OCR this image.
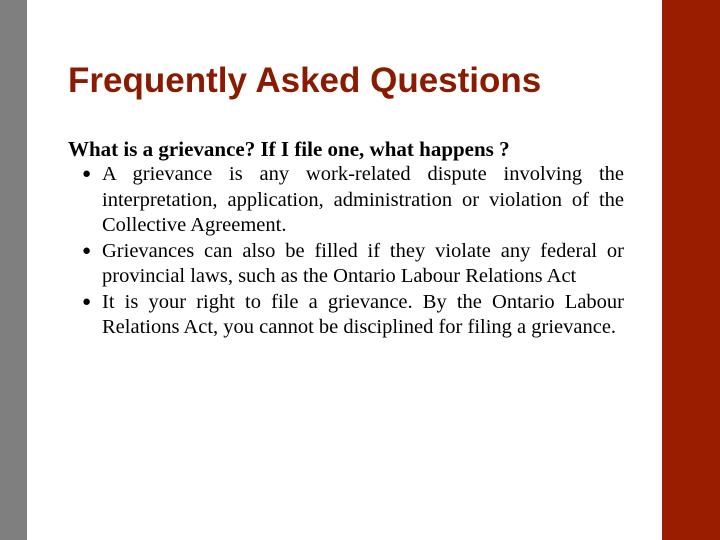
Frequently Asked Questions
What is a grievance? If I file one, what happens ?
● A grievance is any work-related dispute involving the interpretation, application, administration or violation of the Collective Agreement.
● Grievances can also be filled if they violate any federal or provincial laws, such as the Ontario Labour Relations Act
● It is your right to file a grievance. By the Ontario Labour Relations Act, you cannot be disciplined for filing a grievance.
